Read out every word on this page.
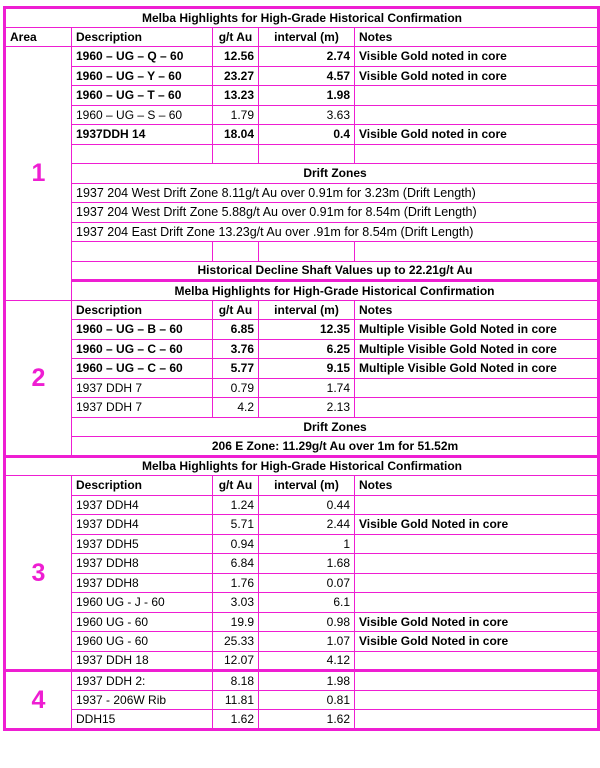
Melba Highlights for High-Grade Historical Confirmation				
Area	Description	g/t Au	interval (m)	Notes
1	1960 – UG – Q – 60	12.56	2.74	Visible Gold noted in core
	1960 – UG – Y – 60	23.27	4.57	Visible Gold noted in core
	1960 – UG – T – 60	13.23	1.98	
	1960 – UG – S – 60	1.79	3.63	
	1937DDH 14	18.04	0.4	Visible Gold noted in core

	Drift Zones			
	1937 204 West Drift Zone 8.11g/t Au over 0.91m for 3.23m (Drift Length)			
	1937 204 West Drift Zone 5.88g/t Au over 0.91m for 8.54m (Drift Length)			
	1937 204 East Drift Zone 13.23g/t Au over .91m for 8.54m (Drift Length)			

	Historical Decline Shaft Values up to 22.21g/t Au			
	Melba Highlights for High-Grade Historical Confirmation			
2	Description	g/t Au	interval (m)	Notes
	1960 – UG – B – 60	6.85	12.35	Multiple Visible Gold Noted in core
	1960 – UG – C – 60	3.76	6.25	Multiple Visible Gold Noted in core
	1960 – UG – C – 60	5.77	9.15	Multiple Visible Gold Noted in core
	1937 DDH 7	0.79	1.74	
	1937 DDH 7	4.2	2.13	
	Drift Zones			
	206 E Zone: 11.29g/t Au over 1m for 51.52m			
Melba Highlights for High-Grade Historical Confirmation				
3	Description	g/t Au	interval (m)	Notes
	1937 DDH4	1.24	0.44	
	1937 DDH4	5.71	2.44	Visible Gold Noted in core
	1937 DDH5	0.94	1	
	1937 DDH8	6.84	1.68	
	1937 DDH8	1.76	0.07	
	1960 UG - J - 60	3.03	6.1	
	1960 UG - 60	19.9	0.98	Visible Gold Noted in core
	1960 UG - 60	25.33	1.07	Visible Gold Noted in core
	1937 DDH 18	12.07	4.12	
4	1937 DDH 2:	8.18	1.98	
	1937 - 206W Rib	11.81	0.81	
	DDH15	1.62	1.62	
